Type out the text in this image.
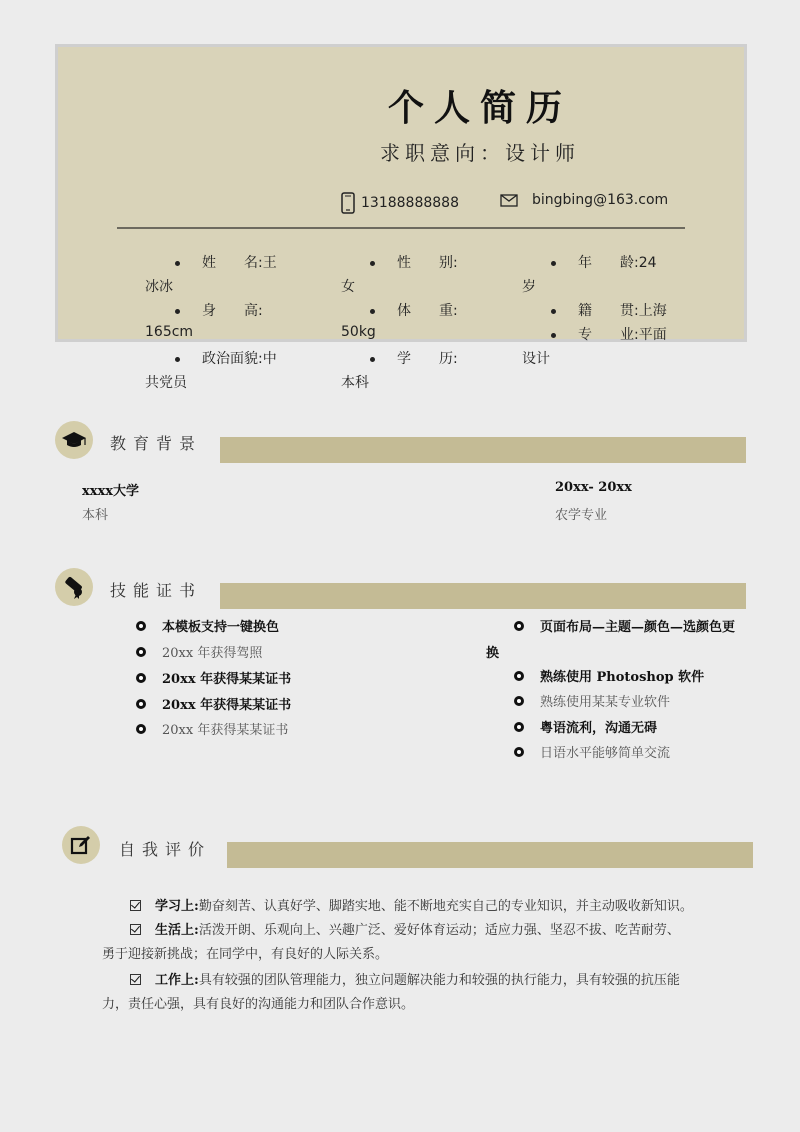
个人简历
求职意向：设计师
13188888888	bingbing@163.com
姓　　名:王
冰冰
性　　别:
女
年　　龄:24
岁
身　　高:
165cm
体　　重:
50kg
籍　　贯:上海
专　　业:平面
政治面貌:中
共党员
学　　历:
本科
设计
教育背景
xxxx大学
本科
20xx- 20xx
农学专业
技能证书
本模板支持一键换色
20xx 年获得驾照
20xx 年获得某某证书
20xx 年获得某某证书
20xx 年获得某某证书
页面布局—主题—颜色—选颜色更
换
熟练使用 Photoshop 软件
熟练使用某某专业软件
粤语流利，沟通无碍
日语水平能够简单交流
自我评价
学习上:勤奋刻苦、认真好学、脚踏实地、能不断地充实自己的专业知识，并主动吸收新知识。
生活上:活泼开朗、乐观向上、兴趣广泛、爱好体育运动；适应力强、坚忍不拔、吃苦耐劳、
勇于迎接新挑战；在同学中，有良好的人际关系。
工作上:具有较强的团队管理能力，独立问题解决能力和较强的执行能力，具有较强的抗压能
力，责任心强，具有良好的沟通能力和团队合作意识。
